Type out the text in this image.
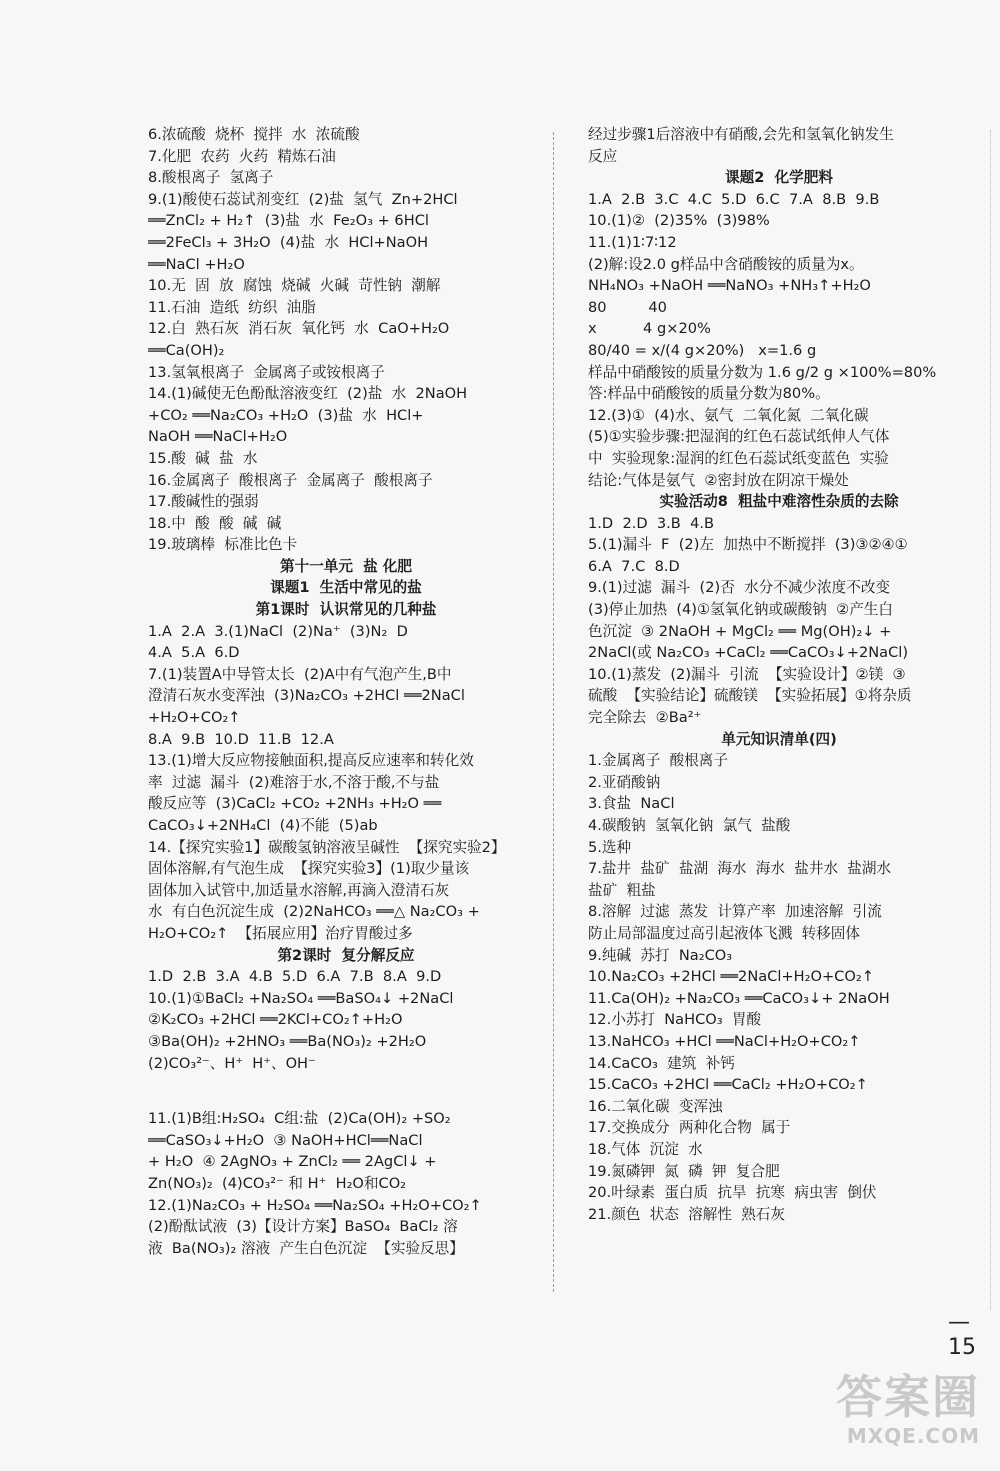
6.浓硫酸  烧杯  搅拌  水  浓硫酸
7.化肥  农药  火药  精炼石油
8.酸根离子  氢离子
9.(1)酸使石蕊试剂变红  (2)盐  氢气  Zn+2HCl
══ZnCl₂ + H₂↑  (3)盐  水  Fe₂O₃ + 6HCl
══2FeCl₃ + 3H₂O  (4)盐  水  HCl+NaOH
══NaCl +H₂O
10.无  固  放  腐蚀  烧碱  火碱  苛性钠  潮解
11.石油  造纸  纺织  油脂
12.白  熟石灰  消石灰  氧化钙  水  CaO+H₂O
══Ca(OH)₂
13.氢氧根离子  金属离子或铵根离子
14.(1)碱使无色酚酞溶液变红  (2)盐  水  2NaOH
+CO₂ ══Na₂CO₃ +H₂O  (3)盐  水  HCl+
NaOH ══NaCl+H₂O
15.酸  碱  盐  水
16.金属离子  酸根离子  金属离子  酸根离子
17.酸碱性的强弱
18.中  酸  酸  碱  碱
19.玻璃棒  标准比色卡
第十一单元  盐 化肥
课题1  生活中常见的盐
第1课时  认识常见的几种盐
1.A  2.A  3.(1)NaCl  (2)Na⁺  (3)N₂  D
4.A  5.A  6.D
7.(1)装置A中导管太长  (2)A中有气泡产生,B中
澄清石灰水变浑浊  (3)Na₂CO₃ +2HCl ══2NaCl
+H₂O+CO₂↑
8.A  9.B  10.D  11.B  12.A
13.(1)增大反应物接触面积,提高反应速率和转化效
率  过滤  漏斗  (2)难溶于水,不溶于酸,不与盐
酸反应等  (3)CaCl₂ +CO₂ +2NH₃ +H₂O ══
CaCO₃↓+2NH₄Cl  (4)不能  (5)ab
14.【探究实验1】碳酸氢钠溶液呈碱性  【探究实验2】
固体溶解,有气泡生成  【探究实验3】(1)取少量该
固体加入试管中,加适量水溶解,再滴入澄清石灰
水  有白色沉淀生成  (2)2NaHCO₃ ══△ Na₂CO₃ +
H₂O+CO₂↑  【拓展应用】治疗胃酸过多
第2课时  复分解反应
1.D  2.B  3.A  4.B  5.D  6.A  7.B  8.A  9.D
10.(1)①BaCl₂ +Na₂SO₄ ══BaSO₄↓ +2NaCl
②K₂CO₃ +2HCl ══2KCl+CO₂↑+H₂O
③Ba(OH)₂ +2HNO₃ ══Ba(NO₃)₂ +2H₂O
(2)CO₃²⁻、H⁺  H⁺、OH⁻

11.(1)B组:H₂SO₄  C组:盐  (2)Ca(OH)₂ +SO₂
══CaSO₃↓+H₂O  ③ NaOH+HCl══NaCl
+ H₂O  ④ 2AgNO₃ + ZnCl₂ ══ 2AgCl↓ +
Zn(NO₃)₂  (4)CO₃²⁻ 和 H⁺  H₂O和CO₂
12.(1)Na₂CO₃ + H₂SO₄ ══Na₂SO₄ +H₂O+CO₂↑
(2)酚酞试液  (3)【设计方案】BaSO₄  BaCl₂ 溶
液  Ba(NO₃)₂ 溶液  产生白色沉淀  【实验反思】
经过步骤1后溶液中有硝酸,会先和氢氧化钠发生
反应
课题2  化学肥料
1.A  2.B  3.C  4.C  5.D  6.C  7.A  8.B  9.B
10.(1)②  (2)35%  (3)98%
11.(1)1∶7∶12
(2)解:设2.0 g样品中含硝酸铵的质量为x。
NH₄NO₃ +NaOH ══NaNO₃ +NH₃↑+H₂O
80         40
x          4 g×20%
80/40 = x/(4 g×20%)   x=1.6 g
样品中硝酸铵的质量分数为 1.6 g/2 g ×100%=80%
答:样品中硝酸铵的质量分数为80%。
12.(3)①  (4)水、氨气  二氧化氮  二氧化碳
(5)①实验步骤:把湿润的红色石蕊试纸伸人气体
中  实验现象:湿润的红色石蕊试纸变蓝色  实验
结论:气体是氨气  ②密封放在阴凉干燥处
实验活动8  粗盐中难溶性杂质的去除
1.D  2.D  3.B  4.B
5.(1)漏斗  F  (2)左  加热中不断搅拌  (3)③②④①
6.A  7.C  8.D
9.(1)过滤  漏斗  (2)否  水分不减少浓度不改变
(3)停止加热  (4)①氢氧化钠或碳酸钠  ②产生白
色沉淀  ③ 2NaOH + MgCl₂ ══ Mg(OH)₂↓ +
2NaCl(或 Na₂CO₃ +CaCl₂ ══CaCO₃↓+2NaCl)
10.(1)蒸发  (2)漏斗  引流  【实验设计】②镁  ③
硫酸  【实验结论】硫酸镁  【实验拓展】①将杂质
完全除去  ②Ba²⁺
单元知识清单(四)
1.金属离子  酸根离子
2.亚硝酸钠
3.食盐  NaCl
4.碳酸钠  氢氧化钠  氯气  盐酸
5.选种
7.盐井  盐矿  盐湖  海水  海水  盐井水  盐湖水
盐矿  粗盐
8.溶解  过滤  蒸发  计算产率  加速溶解  引流
防止局部温度过高引起液体飞溅  转移固体
9.纯碱  苏打  Na₂CO₃
10.Na₂CO₃ +2HCl ══2NaCl+H₂O+CO₂↑
11.Ca(OH)₂ +Na₂CO₃ ══CaCO₃↓+ 2NaOH
12.小苏打  NaHCO₃  胃酸
13.NaHCO₃ +HCl ══NaCl+H₂O+CO₂↑
14.CaCO₃  建筑  补钙
15.CaCO₃ +2HCl ══CaCl₂ +H₂O+CO₂↑
16.二氧化碳  变浑浊
17.交换成分  两种化合物  属于
18.气体  沉淀  水
19.氮磷钾  氮  磷  钾  复合肥
20.叶绿素  蛋白质  抗旱  抗寒  病虫害  倒伏
21.颜色  状态  溶解性  熟石灰
— 15
答案圈
MXQE.COM
